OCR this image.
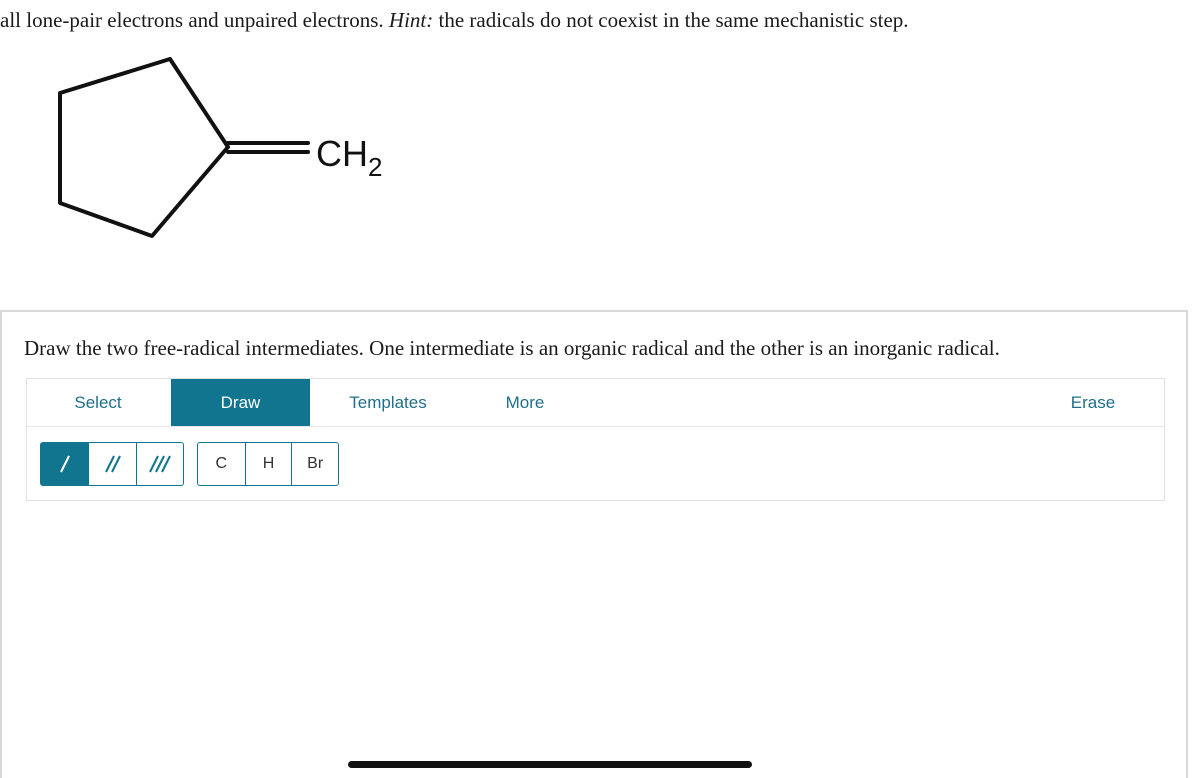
all lone-pair electrons and unpaired electrons. Hint: the radicals do not coexist in the same mechanistic step.
$CH_2$
Draw the two free-radical intermediates. One intermediate is an organic radical and the other is an inorganic radical.
Select	Draw	Templates	More	Erase
C	H	Br
